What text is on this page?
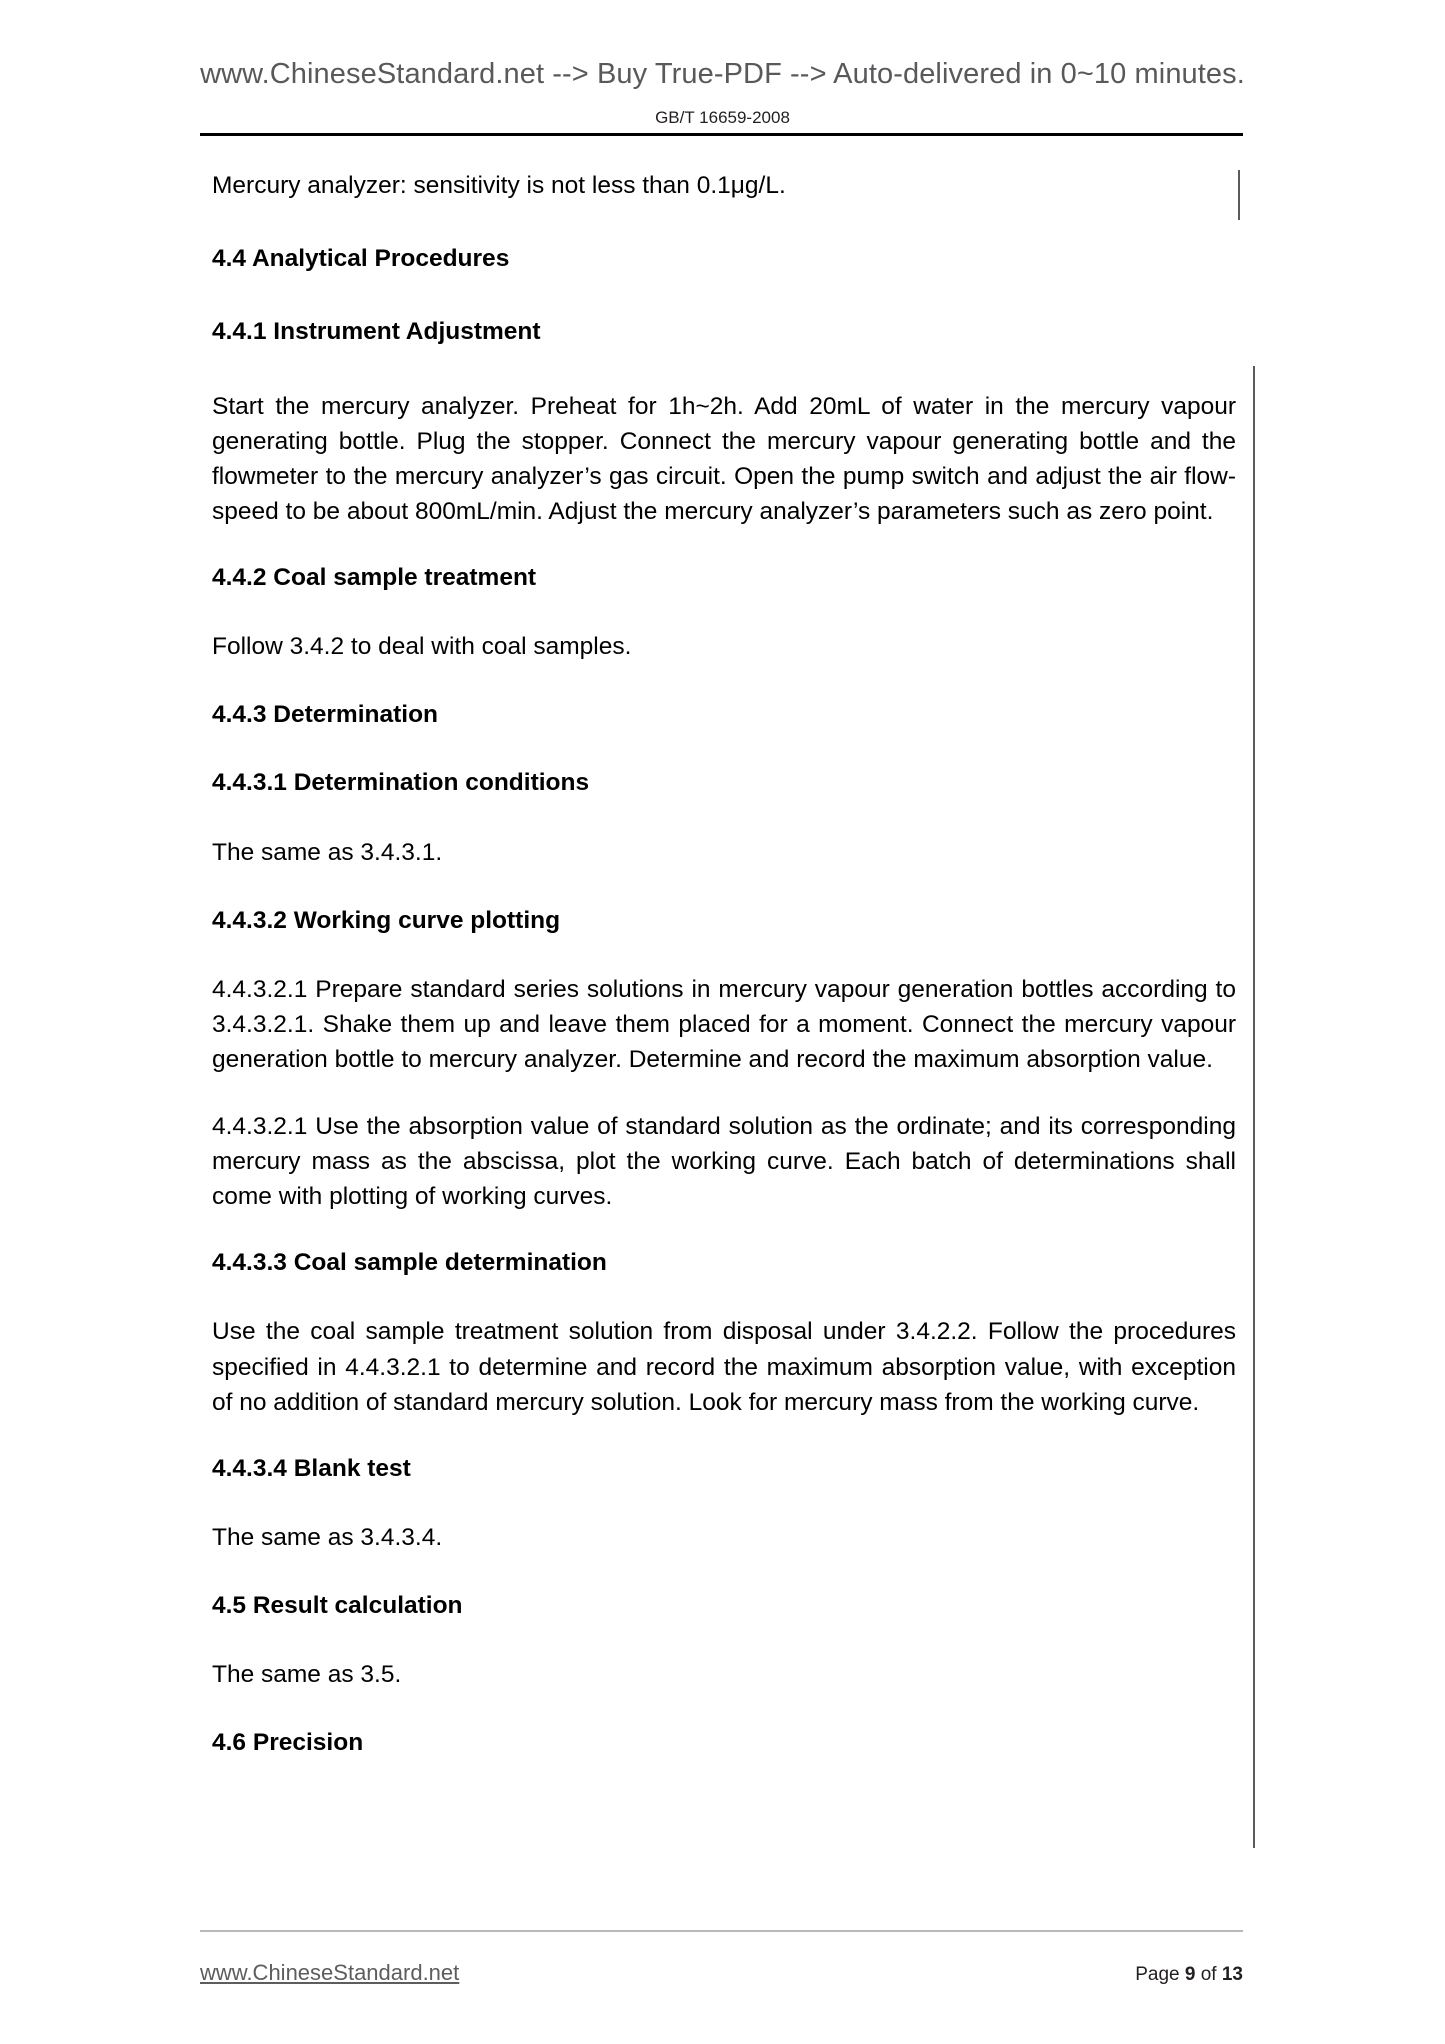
www.ChineseStandard.net --> Buy True-PDF --> Auto-delivered in 0~10 minutes.
GB/T 16659-2008

Mercury analyzer: sensitivity is not less than 0.1μg/L.

4.4 Analytical Procedures
4.4.1 Instrument Adjustment

Start the mercury analyzer. Preheat for 1h~2h. Add 20mL of water in the mercury vapour generating bottle. Plug the stopper. Connect the mercury vapour generating bottle and the flowmeter to the mercury analyzer’s gas circuit. Open the pump switch and adjust the air flow-speed to be about 800mL/min. Adjust the mercury analyzer’s parameters such as zero point.

4.4.2 Coal sample treatment

Follow 3.4.2 to deal with coal samples.

4.4.3 Determination
4.4.3.1 Determination conditions

The same as 3.4.3.1.

4.4.3.2 Working curve plotting

4.4.3.2.1 Prepare standard series solutions in mercury vapour generation bottles according to 3.4.3.2.1. Shake them up and leave them placed for a moment. Connect the mercury vapour generation bottle to mercury analyzer. Determine and record the maximum absorption value.

4.4.3.2.1 Use the absorption value of standard solution as the ordinate; and its corresponding mercury mass as the abscissa, plot the working curve. Each batch of determinations shall come with plotting of working curves.

4.4.3.3 Coal sample determination

Use the coal sample treatment solution from disposal under 3.4.2.2. Follow the procedures specified in 4.4.3.2.1 to determine and record the maximum absorption value, with exception of no addition of standard mercury solution. Look for mercury mass from the working curve.

4.4.3.4 Blank test

The same as 3.4.3.4.

4.5 Result calculation

The same as 3.5.

4.6 Precision
www.ChineseStandard.net	Page 9 of 13
